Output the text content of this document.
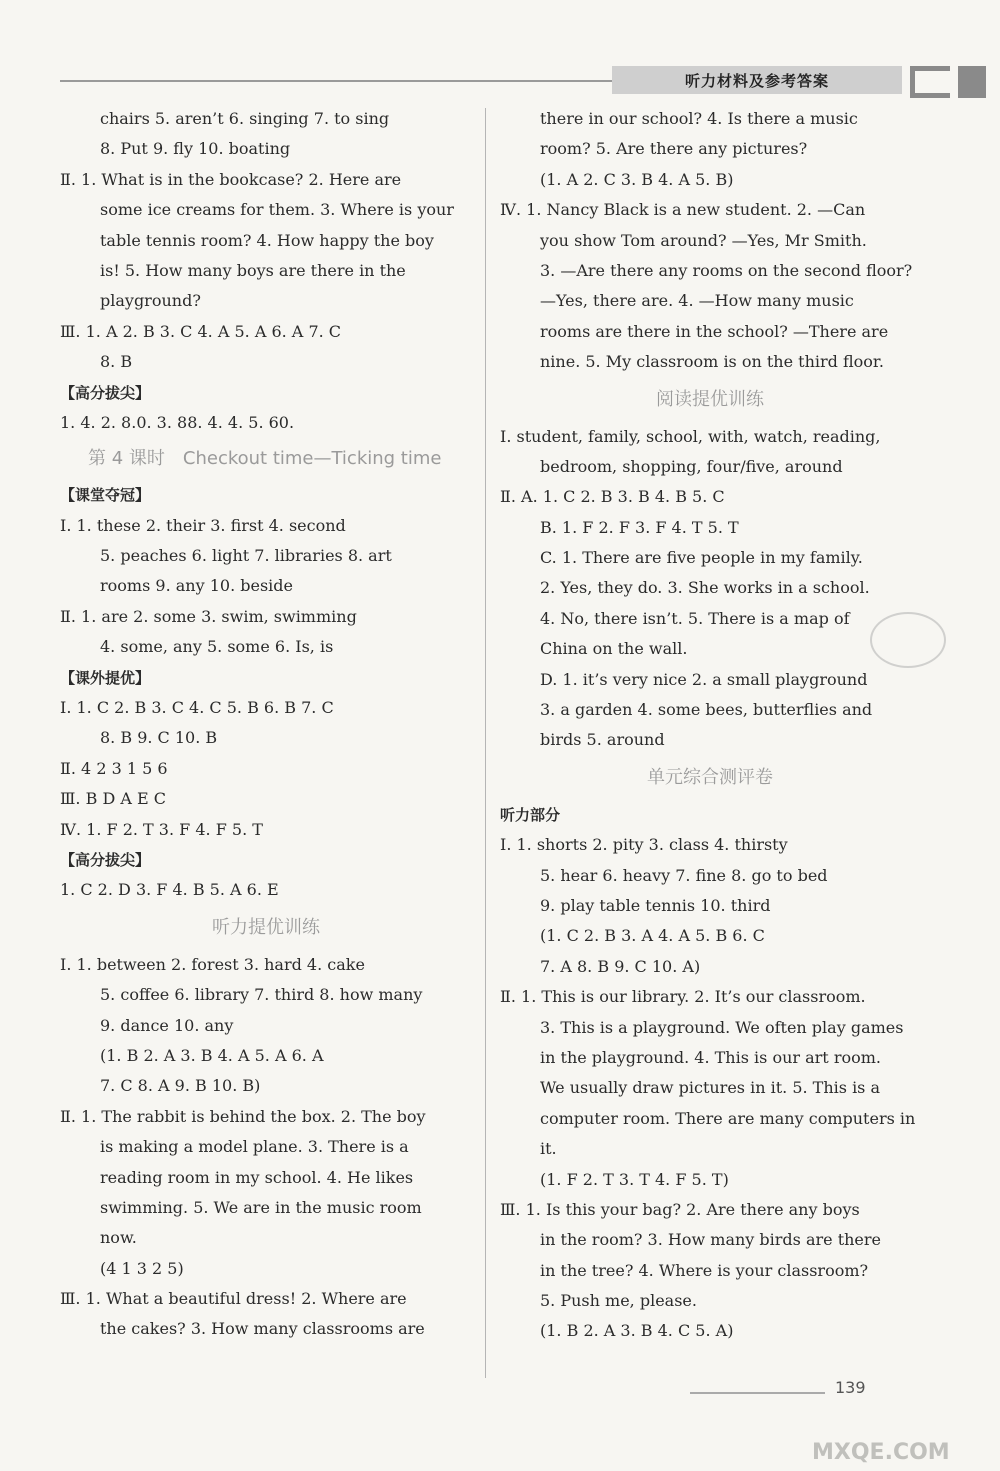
听力材料及参考答案
chairs 5. aren’t 6. singing 7. to sing
8. Put 9. fly 10. boating
Ⅱ. 1. What is in the bookcase? 2. Here are
some ice creams for them. 3. Where is your
table tennis room? 4. How happy the boy
is! 5. How many boys are there in the
playground?
Ⅲ. 1. A 2. B 3. C 4. A 5. A 6. A 7. C
8. B
【高分拔尖】
1. 4. 2. 8.0. 3. 88. 4. 4. 5. 60.
第 4 课时　Checkout time—Ticking time
【课堂夺冠】
Ⅰ. 1. these 2. their 3. first 4. second
5. peaches 6. light 7. libraries 8. art
rooms 9. any 10. beside
Ⅱ. 1. are 2. some 3. swim, swimming
4. some, any 5. some 6. Is, is
【课外提优】
Ⅰ. 1. C 2. B 3. C 4. C 5. B 6. B 7. C
8. B 9. C 10. B
Ⅱ. 4 2 3 1 5 6
Ⅲ. B D A E C
Ⅳ. 1. F 2. T 3. F 4. F 5. T
【高分拔尖】
1. C 2. D 3. F 4. B 5. A 6. E
听力提优训练
Ⅰ. 1. between 2. forest 3. hard 4. cake
5. coffee 6. library 7. third 8. how many
9. dance 10. any
(1. B 2. A 3. B 4. A 5. A 6. A
7. C 8. A 9. B 10. B)
Ⅱ. 1. The rabbit is behind the box. 2. The boy
is making a model plane. 3. There is a
reading room in my school. 4. He likes
swimming. 5. We are in the music room
now.
(4 1 3 2 5)
Ⅲ. 1. What a beautiful dress! 2. Where are
the cakes? 3. How many classrooms are
there in our school? 4. Is there a music
room? 5. Are there any pictures?
(1. A 2. C 3. B 4. A 5. B)
Ⅳ. 1. Nancy Black is a new student. 2. —Can
you show Tom around? —Yes, Mr Smith.
3. —Are there any rooms on the second floor?
—Yes, there are. 4. —How many music
rooms are there in the school? —There are
nine. 5. My classroom is on the third floor.
阅读提优训练
Ⅰ. student, family, school, with, watch, reading,
bedroom, shopping, four/five, around
Ⅱ. A. 1. C 2. B 3. B 4. B 5. C
B. 1. F 2. F 3. F 4. T 5. T
C. 1. There are five people in my family.
2. Yes, they do. 3. She works in a school.
4. No, there isn’t. 5. There is a map of
China on the wall.
D. 1. it’s very nice 2. a small playground
3. a garden 4. some bees, butterflies and
birds 5. around
单元综合测评卷
听力部分
Ⅰ. 1. shorts 2. pity 3. class 4. thirsty
5. hear 6. heavy 7. fine 8. go to bed
9. play table tennis 10. third
(1. C 2. B 3. A 4. A 5. B 6. C
7. A 8. B 9. C 10. A)
Ⅱ. 1. This is our library. 2. It’s our classroom.
3. This is a playground. We often play games
in the playground. 4. This is our art room.
We usually draw pictures in it. 5. This is a
computer room. There are many computers in
it.
(1. F 2. T 3. T 4. F 5. T)
Ⅲ. 1. Is this your bag? 2. Are there any boys
in the room? 3. How many birds are there
in the tree? 4. Where is your classroom?
5. Push me, please.
(1. B 2. A 3. B 4. C 5. A)
139
MXQE.COM
